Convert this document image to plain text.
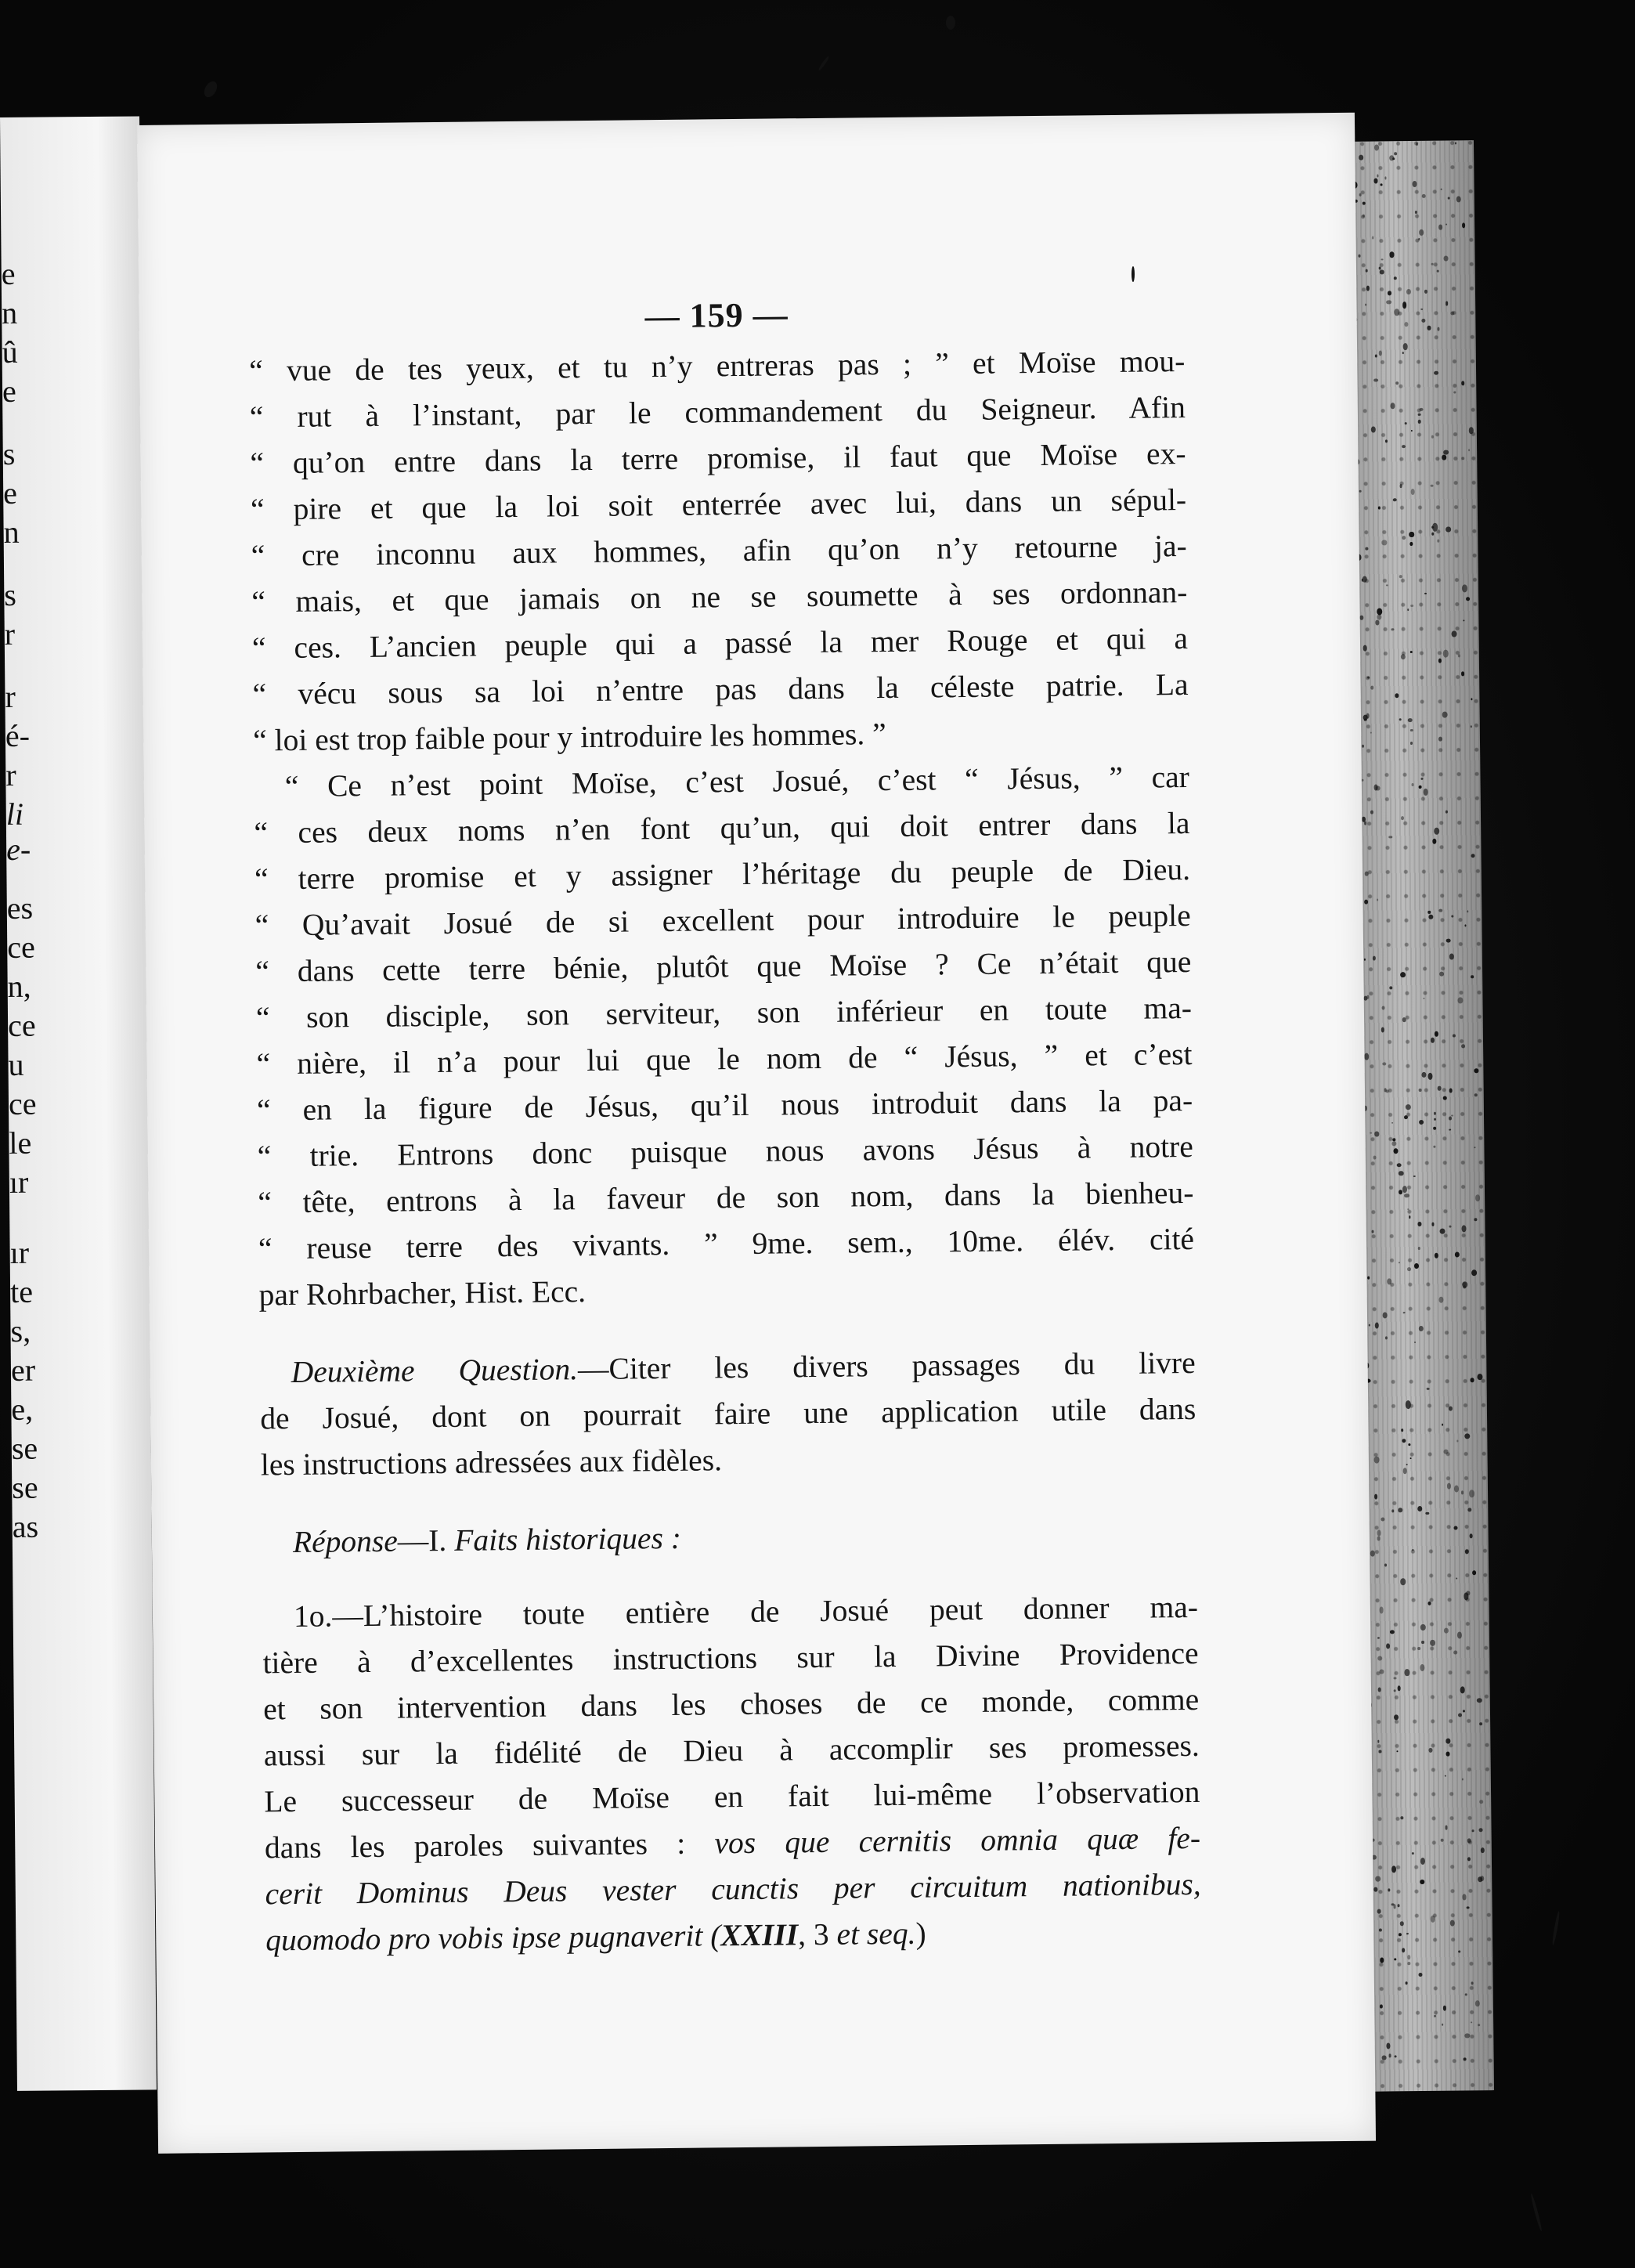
e
n
û
e
s
e
n
s
r
r
é-
r
li
e-
es
ce
n,
ce
u
ce
le
ır
ır
te
s,
er
e,
se
se
as
— 159 —

“ vue de tes yeux, et tu n’y entreras pas ; ” et Moïse mou-

“ rut à l’instant, par le commandement du Seigneur. Afin

“ qu’on entre dans la terre promise, il faut que Moïse ex-

“ pire et que la loi soit enterrée avec lui, dans un sépul-

“ cre inconnu aux hommes, afin qu’on n’y retourne ja-

“ mais, et que jamais on ne se soumette à ses ordonnan-

“ ces. L’ancien peuple qui a passé la mer Rouge et qui a

“ vécu sous sa loi n’entre pas dans la céleste patrie. La

“ loi est trop faible pour y introduire les hommes. ”

“ Ce n’est point Moïse, c’est Josué, c’est “ Jésus, ” car

“ ces deux noms n’en font qu’un, qui doit entrer dans la

“ terre promise et y assigner l’héritage du peuple de Dieu.

“ Qu’avait Josué de si excellent pour introduire le peuple

“ dans cette terre bénie, plutôt que Moïse ? Ce n’était que

“ son disciple, son serviteur, son inférieur en toute ma-

“ nière, il n’a pour lui que le nom de “ Jésus, ” et c’est

“ en la figure de Jésus, qu’il nous introduit dans la pa-

“ trie. Entrons donc puisque nous avons Jésus à notre

“ tête, entrons à la faveur de son nom, dans la bienheu-

“ reuse terre des vivants. ” 9me. sem., 10me. élév. cité

par Rohrbacher, Hist. Ecc.

Deuxième Question.—Citer les divers passages du livre

de Josué, dont on pourrait faire une application utile dans

les instructions adressées aux fidèles.

Réponse—I. Faits historiques :

1o.—L’histoire toute entière de Josué peut donner ma-

tière à d’excellentes instructions sur la Divine Providence

et son intervention dans les choses de ce monde, comme

aussi sur la fidélité de Dieu à accomplir ses promesses.

Le successeur de Moïse en fait lui-même l’observation

dans les paroles suivantes : vos que cernitis omnia quæ fe-

cerit Dominus Deus vester cunctis per circuitum nationibus,

quomodo pro vobis ipse pugnaverit (XXIII, 3 et seq.)
